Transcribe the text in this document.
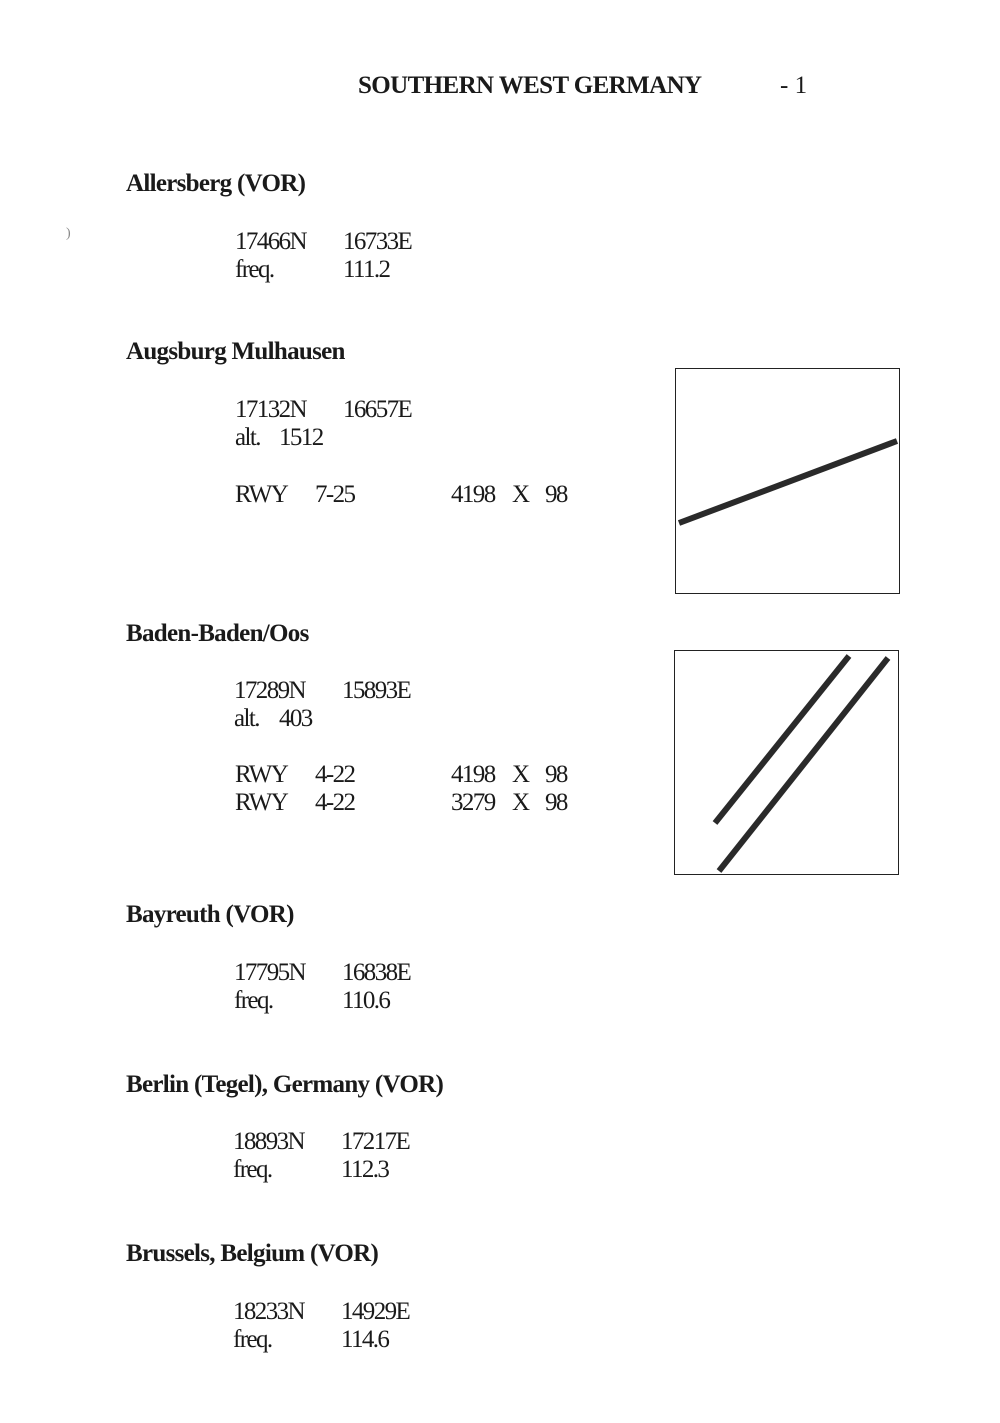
SOUTHERN WEST GERMANY	- 1
)
Allersberg (VOR)
17466N 16733E
freq.	111.2
Augsburg Mulhausen
17132N 16657E
alt. 1512
RWY 7-25	4198 X 98
Baden-Baden/Oos
17289N 15893E
alt. 403
RWY 4-22	4198 X 98
RWY 4-22	3279 X 98
Bayreuth (VOR)
17795N 16838E
freq.	110.6
Berlin (Tegel), Germany (VOR)
18893N 17217E
freq.	112.3
Brussels, Belgium (VOR)
18233N 14929E
freq.	114.6
